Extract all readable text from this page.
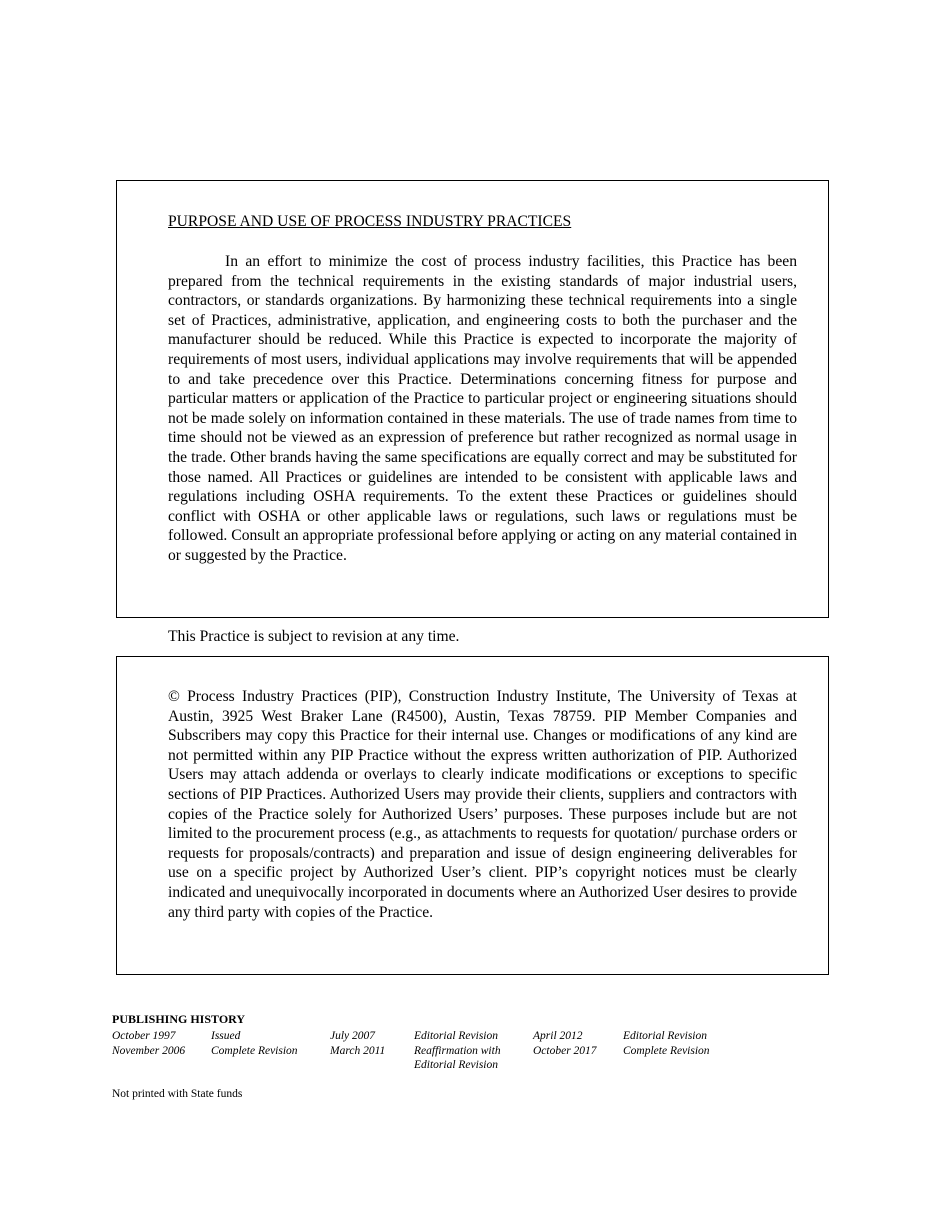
PURPOSE AND USE OF PROCESS INDUSTRY PRACTICES

In an effort to minimize the cost of process industry facilities, this Practice has been prepared from the technical requirements in the existing standards of major industrial users, contractors, or standards organizations. By harmonizing these technical requirements into a single set of Practices, administrative, application, and engineering costs to both the purchaser and the manufacturer should be reduced. While this Practice is expected to incorporate the majority of requirements of most users, individual applications may involve requirements that will be appended to and take precedence over this Practice. Determinations concerning fitness for purpose and particular matters or application of the Practice to particular project or engineering situations should not be made solely on information contained in these materials. The use of trade names from time to time should not be viewed as an expression of preference but rather recognized as normal usage in the trade. Other brands having the same specifications are equally correct and may be substituted for those named. All Practices or guidelines are intended to be consistent with applicable laws and regulations including OSHA requirements. To the extent these Practices or guidelines should conflict with OSHA or other applicable laws or regulations, such laws or regulations must be followed. Consult an appropriate professional before applying or acting on any material contained in or suggested by the Practice.

This Practice is subject to revision at any time.

© Process Industry Practices (PIP), Construction Industry Institute, The University of Texas at Austin, 3925 West Braker Lane (R4500), Austin, Texas 78759. PIP Member Companies and Subscribers may copy this Practice for their internal use. Changes or modifications of any kind are not permitted within any PIP Practice without the express written authorization of PIP. Authorized Users may attach addenda or overlays to clearly indicate modifications or exceptions to specific sections of PIP Practices. Authorized Users may provide their clients, suppliers and contractors with copies of the Practice solely for Authorized Users’ purposes. These purposes include but are not limited to the procurement process (e.g., as attachments to requests for quotation/ purchase orders or requests for proposals/contracts) and preparation and issue of design engineering deliverables for use on a specific project by Authorized User’s client. PIP’s copyright notices must be clearly indicated and unequivocally incorporated in documents where an Authorized User desires to provide any third party with copies of the Practice.

PUBLISHING HISTORY

October 1997
November 2006
Issued
Complete Revision
July 2007
March 2011
Editorial Revision
Reaffirmation with
Editorial Revision
April 2012
October 2017
Editorial Revision
Complete Revision

Not printed with State funds
